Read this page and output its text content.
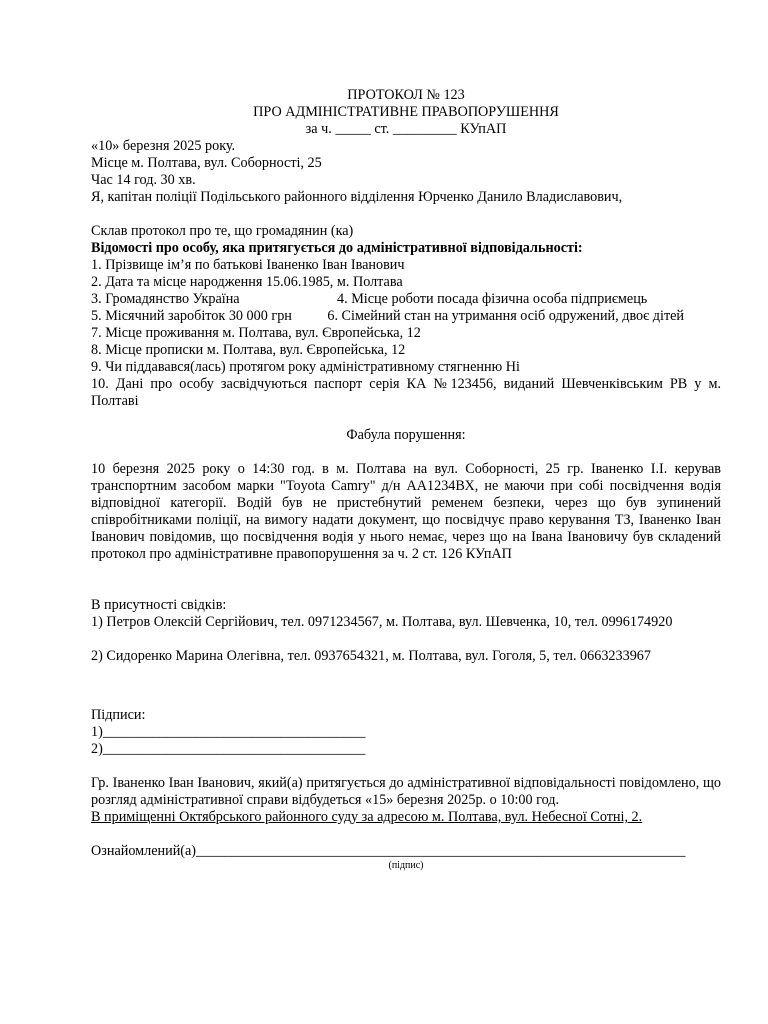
ПРОТОКОЛ № 123
ПРО АДМІНІСТРАТИВНЕ ПРАВОПОРУШЕННЯ
за ч. _____ ст. _________ КУпАП
«10» березня 2025 року.
Місце м. Полтава, вул. Соборності, 25
Час 14 год. 30 хв.
Я, капітан поліції Подільського районного відділення Юрченко Данило Владиславович,
Склав протокол про те, що громадянин (ка)
Відомості про особу, яка притягується до адміністративної відповідальності:
1. Прізвище ім’я по батькові Іваненко Іван Іванович
2. Дата та місце народження 15.06.1985, м. Полтава
3. Громадянство Україна	4. Місце роботи посада фізична особа підприємець
5. Місячний заробіток 30 000 грн          6. Сімейний стан на утримання осіб одружений, двоє дітей
7. Місце проживання м. Полтава, вул. Європейська, 12
8. Місце прописки м. Полтава, вул. Європейська, 12
9. Чи піддавався(лась) протягом року адміністративному стягненню Ні
10. Дані про особу засвідчуються паспорт серія КА №123456, виданий Шевченківським РВ у м. Полтаві
Фабула порушення:
10 березня 2025 року о 14:30 год. в м. Полтава на вул. Соборності, 25 гр. Іваненко І.І. керував транспортним засобом марки "Toyota Camry" д/н АА1234ВХ, не маючи при собі посвідчення водія відповідної категорії. Водій був не пристебнутий ременем безпеки, через що був зупинений співробітниками поліції, на вимогу надати документ, що посвідчує право керування ТЗ, Іваненко Іван Іванович повідомив, що посвідчення водія у нього немає, через що на Івана Івановичу був складений протокол про адміністративне правопорушення за ч. 2 ст. 126 КУпАП
В присутності свідків:
1) Петров Олексій Сергійович, тел. 0971234567, м. Полтава, вул. Шевченка, 10, тел. 0996174920
2) Сидоренко Марина Олегівна, тел. 0937654321, м. Полтава, вул. Гоголя, 5, тел. 0663233967
Підписи:
1)_____________________________________
2)_____________________________________
Гр. Іваненко Іван Іванович, який(а) притягується до адміністративної відповідальності повідомлено, що розгляд адміністративної справи відбудеться «15» березня 2025р. о 10:00 год.
В приміщенні Октябрського районного суду за адресою м. Полтава, вул. Небесної Сотні, 2.
Ознайомлений(а)_____________________________________________________________________
(підпис)
